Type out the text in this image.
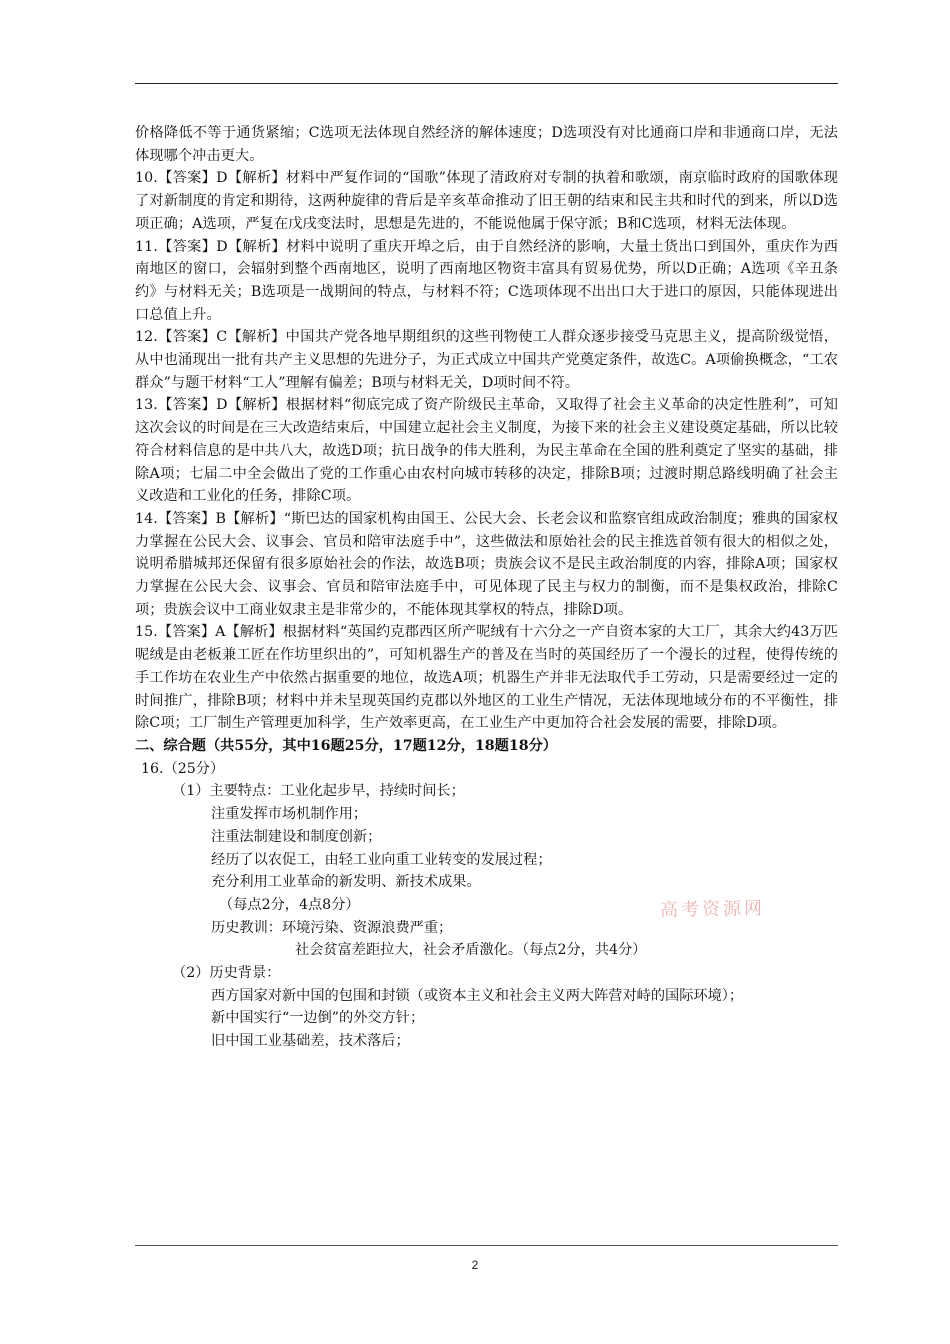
价格降低不等于通货紧缩；C选项无法体现自然经济的解体速度；D选项没有对比通商口岸和非通商口岸，无法体现哪个冲击更大。

10.【答案】D【解析】材料中严复作词的“国歌”体现了清政府对专制的执着和歌颂，南京临时政府的国歌体现了对新制度的肯定和期待，这两种旋律的背后是辛亥革命推动了旧王朝的结束和民主共和时代的到来，所以D选项正确；A选项，严复在戊戌变法时，思想是先进的，不能说他属于保守派；B和C选项，材料无法体现。

11.【答案】D【解析】材料中说明了重庆开埠之后，由于自然经济的影响，大量土货出口到国外，重庆作为西南地区的窗口，会辐射到整个西南地区，说明了西南地区物资丰富具有贸易优势，所以D正确；A选项《辛丑条约》与材料无关；B选项是一战期间的特点，与材料不符；C选项体现不出出口大于进口的原因，只能体现进出口总值上升。

12.【答案】C【解析】中国共产党各地早期组织的这些刊物使工人群众逐步接受马克思主义，提高阶级觉悟，从中也涌现出一批有共产主义思想的先进分子，为正式成立中国共产党奠定条件，故选C。A项偷换概念，“工农群众”与题干材料“工人”理解有偏差；B项与材料无关，D项时间不符。

13.【答案】D【解析】根据材料“彻底完成了资产阶级民主革命，又取得了社会主义革命的决定性胜利”，可知这次会议的时间是在三大改造结束后，中国建立起社会主义制度，为接下来的社会主义建设奠定基础，所以比较符合材料信息的是中共八大，故选D项；抗日战争的伟大胜利，为民主革命在全国的胜利奠定了坚实的基础，排除A项；七届二中全会做出了党的工作重心由农村向城市转移的决定，排除B项；过渡时期总路线明确了社会主义改造和工业化的任务，排除C项。

14.【答案】B【解析】“斯巴达的国家机构由国王、公民大会、长老会议和监察官组成政治制度；雅典的国家权力掌握在公民大会、议事会、官员和陪审法庭手中”，这些做法和原始社会的民主推选首领有很大的相似之处，说明希腊城邦还保留有很多原始社会的作法，故选B项；贵族会议不是民主政治制度的内容，排除A项；国家权力掌握在公民大会、议事会、官员和陪审法庭手中，可见体现了民主与权力的制衡，而不是集权政治，排除C项；贵族会议中工商业奴隶主是非常少的，不能体现其掌权的特点，排除D项。

15.【答案】A【解析】根据材料“英国约克郡西区所产呢绒有十六分之一产自资本家的大工厂，其余大约43万匹呢绒是由老板兼工匠在作坊里织出的”，可知机器生产的普及在当时的英国经历了一个漫长的过程，使得传统的手工作坊在农业生产中依然占据重要的地位，故选A项；机器生产并非无法取代手工劳动，只是需要经过一定的时间推广，排除B项；材料中并未呈现英国约克郡以外地区的工业生产情况，无法体现地域分布的不平衡性，排除C项；工厂制生产管理更加科学，生产效率更高，在工业生产中更加符合社会发展的需要，排除D项。

二、综合题（共55分，其中16题25分，17题12分，18题18分）

16.（25分）

（1）主要特点：工业化起步早，持续时间长；

注重发挥市场机制作用；

注重法制建设和制度创新；

经历了以农促工，由轻工业向重工业转变的发展过程；

充分利用工业革命的新发明、新技术成果。

（每点2分，4点8分）

历史教训：环境污染、资源浪费严重；

社会贫富差距拉大，社会矛盾激化。（每点2分，共4分）

（2）历史背景：

西方国家对新中国的包围和封锁（或资本主义和社会主义两大阵营对峙的国际环境）；

新中国实行“一边倒”的外交方针；

旧中国工业基础差，技术落后；

高考资源网
2
